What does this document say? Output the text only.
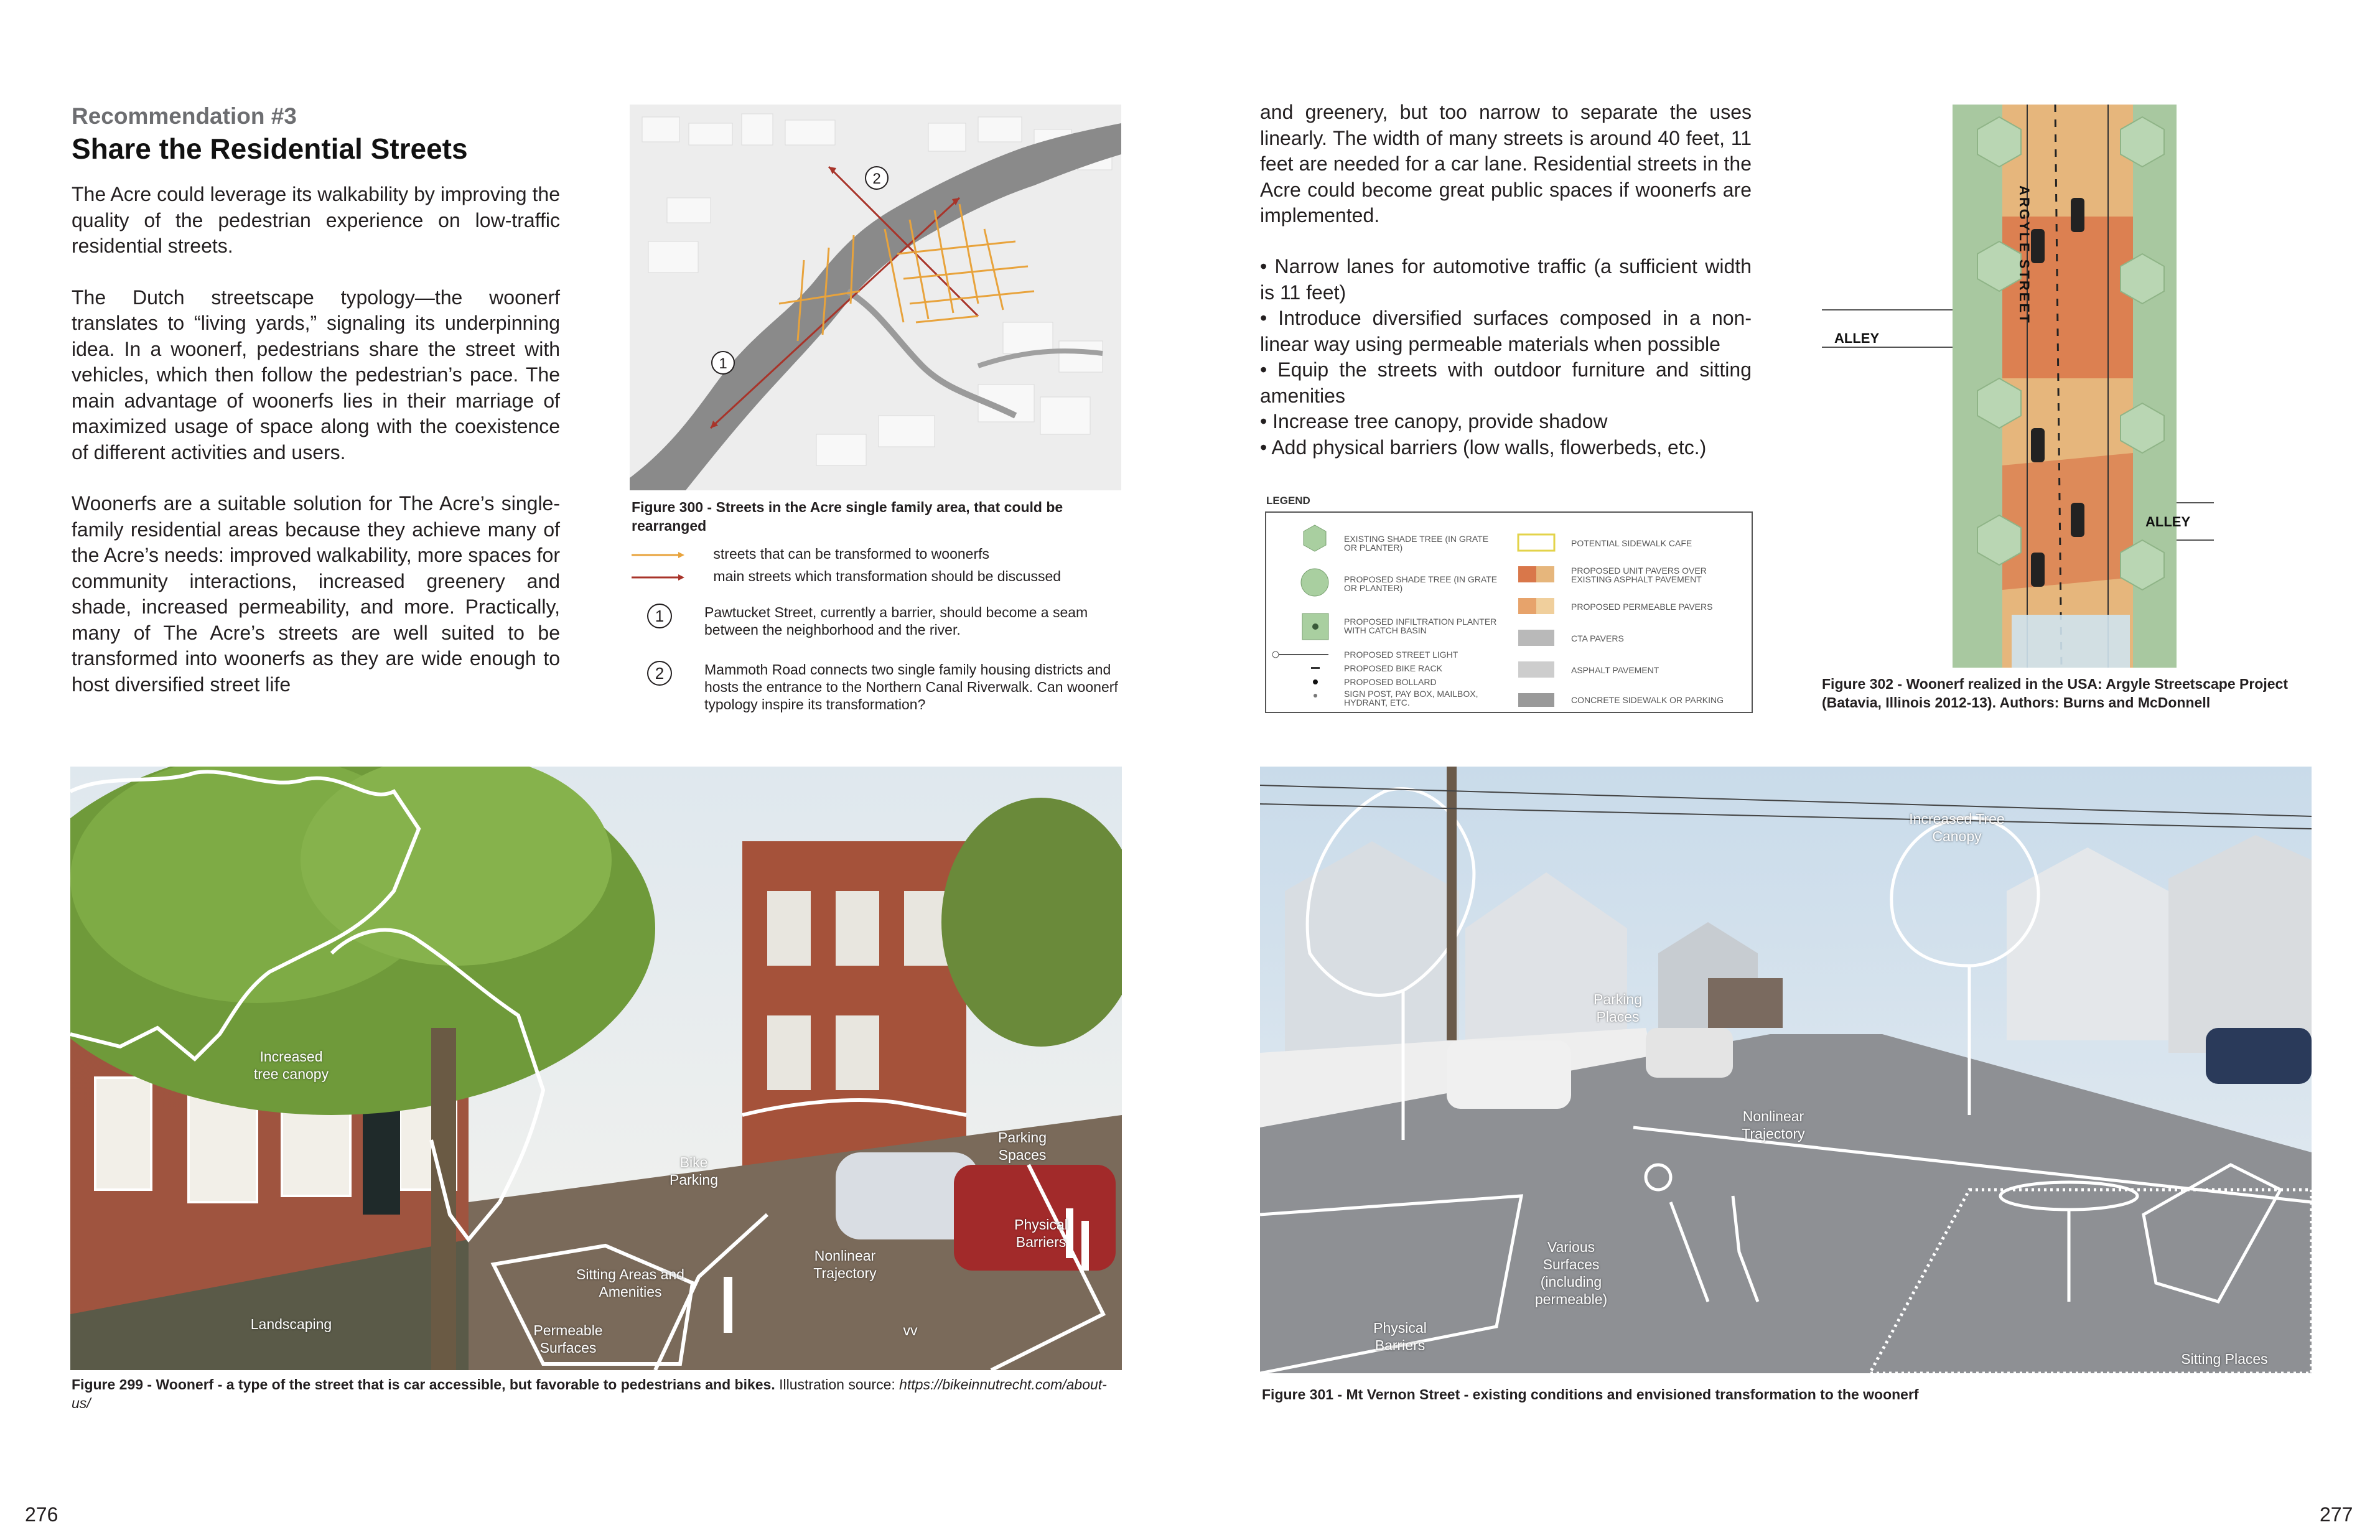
Recommendation #3
Share the Residential Streets

The Acre could leverage its walkability by improving the quality of the pedestrian experience on low-traffic residential streets.

The Dutch streetscape typology—the woonerf translates to “living yards,” signaling its underpinning idea. In a woonerf, pedestrians share the street with vehicles, which then follow the pedestrian’s pace. The main advantage of woonerfs lies in their marriage of maximized usage of space along with the coexistence of different activities and users.

Woonerfs are a suitable solution for The Acre’s single-family residential areas because they achieve many of the Acre’s needs: improved walkability, more spaces for community interactions, increased greenery and shade, increased permeability, and more. Practically, many of The Acre’s streets are well suited to be transformed into woonerfs as they are wide enough to host diversified street life

1
2
Figure 300 - Streets in the Acre single family area, that could be rearranged
streets that can be transformed to woonerfs
main streets which transformation should be discussed
1	Pawtucket Street, currently a barrier, should become a seam between the neighborhood and the river.
2	Mammoth Road connects two single family housing districts and hosts the entrance to the Northern Canal Riverwalk. Can woonerf typology inspire its transformation?
Increased tree canopy
Bike Parking
Parking Spaces
Physical Barriers
Nonlinear Trajectory
Sitting Areas and Amenities
Landscaping	Permeable Surfaces
vv
Figure 299 - Woonerf - a type of the street that is car accessible, but favorable to pedestrians and bikes. Illustration source: https://bikeinnutrecht.com/about-us/
276
and greenery, but too narrow to separate the uses linearly. The width of many streets is around 40 feet, 11 feet are needed for a car lane. Residential streets in the Acre could become great public spaces if woonerfs are implemented.
• Narrow lanes for automotive traffic (a sufficient width is 11 feet)
• Introduce diversified surfaces composed in a non-linear way using permeable materials when possible
• Equip the streets with outdoor furniture and sitting amenities
• Increase tree canopy, provide shadow
• Add physical barriers (low walls, flowerbeds, etc.)
LEGEND
EXISTING SHADE TREE (IN GRATE OR PLANTER)
PROPOSED SHADE TREE (IN GRATE OR PLANTER)
PROPOSED INFILTRATION PLANTER WITH CATCH BASIN
PROPOSED STREET LIGHT
PROPOSED BIKE RACK
PROPOSED BOLLARD
SIGN POST, PAY BOX, MAILBOX, HYDRANT, ETC.
POTENTIAL SIDEWALK CAFE
PROPOSED UNIT PAVERS OVER EXISTING ASPHALT PAVEMENT
PROPOSED PERMEABLE PAVERS
CTA PAVERS
ASPHALT PAVEMENT
CONCRETE SIDEWALK OR PARKING
ARGYLE STREET
ALLEY
ALLEY
Figure 302 - Woonerf realized in the USA: Argyle Streetscape Project (Batavia, Illinois 2012-13). Authors: Burns and McDonnell
Increased Tree Canopy
Parking Places
Nonlinear Trajectory
Various Surfaces (including permeable)
Physical Barriers
Sitting Places
Figure 301 - Mt Vernon Street - existing conditions and envisioned transformation to the woonerf
277
